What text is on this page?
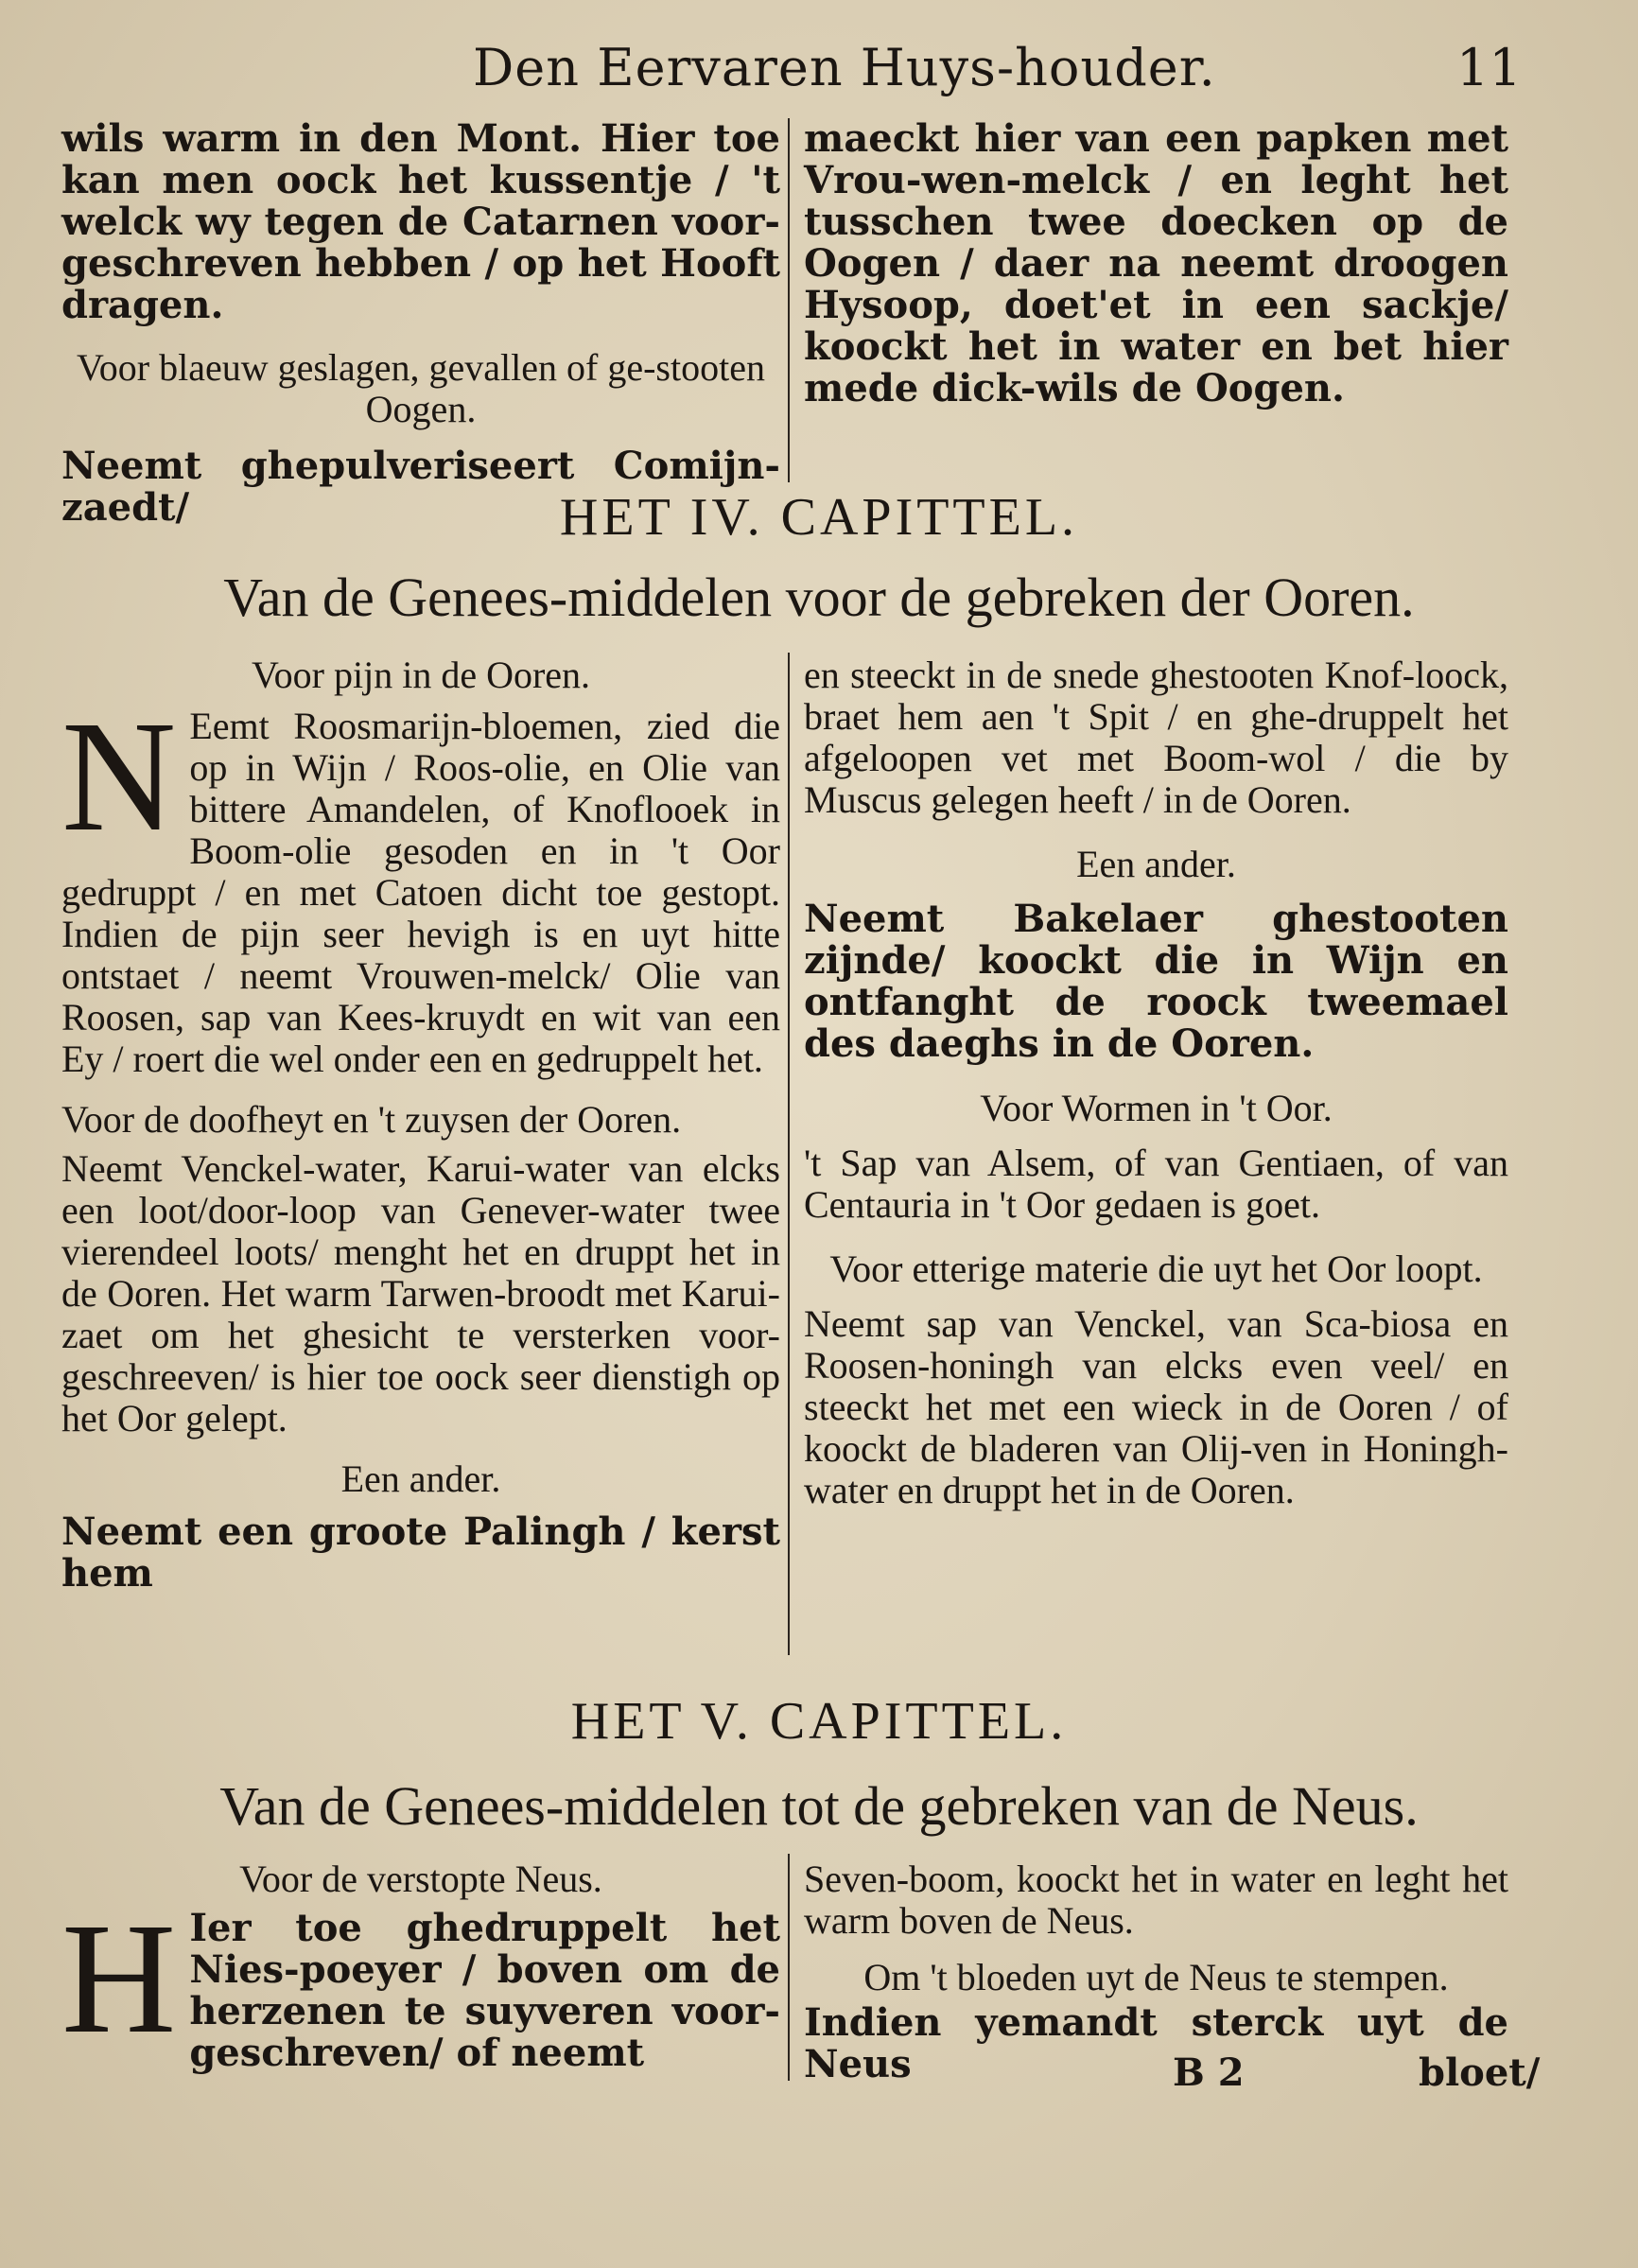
Den Eervaren Huys-houder.	11

wils warm in den Mont. Hier toe kan men oock het kussentje / 't welck wy tegen de Catarnen voor-geschreven hebben / op het Hooft dragen.

Voor blaeuw geslagen, gevallen of ge-stooten Oogen.

Neemt ghepulveriseert Comijn-zaedt/

maeckt hier van een papken met Vrou-wen-melck / en leght het tusschen twee doecken op de Oogen / daer na neemt droogen Hysoop, doet'et in een sackje/ koockt het in water en bet hier mede dick-wils de Oogen.

HET IV. CAPITTEL.
Van de Genees-middelen voor de gebreken der Ooren.

Voor pijn in de Ooren.

N Eemt Roosmarijn-bloemen, zied die op in Wijn / Roos-olie, en Olie van bittere Amandelen, of Knoflooek in Boom-olie gesoden en in 't Oor gedruppt / en met Catoen dicht toe gestopt. Indien de pijn seer hevigh is en uyt hitte ontstaet / neemt Vrouwen-melck/ Olie van Roosen, sap van Kees-kruydt en wit van een Ey / roert die wel onder een en gedruppelt het.

Voor de doofheyt en 't zuysen der Ooren.

Neemt Venckel-water, Karui-water van elcks een loot/door-loop van Genever-water twee vierendeel loots/ menght het en druppt het in de Ooren. Het warm Tarwen-broodt met Karui-zaet om het ghesicht te versterken voor-geschreeven/ is hier toe oock seer dienstigh op het Oor gelept.

Een ander.

Neemt een groote Palingh / kerst hem

en steeckt in de snede ghestooten Knof-loock, braet hem aen 't Spit / en ghe-druppelt het afgeloopen vet met Boom-wol / die by Muscus gelegen heeft / in de Ooren.

Een ander.

Neemt Bakelaer ghestooten zijnde/ koockt die in Wijn en ontfanght de roock tweemael des daeghs in de Ooren.

Voor Wormen in 't Oor.

't Sap van Alsem, of van Gentiaen, of van Centauria in 't Oor gedaen is goet.

Voor etterige materie die uyt het Oor loopt.

Neemt sap van Venckel, van Sca-biosa en Roosen-honingh van elcks even veel/ en steeckt het met een wieck in de Ooren / of koockt de bladeren van Olij-ven in Honingh-water en druppt het in de Ooren.

HET V. CAPITTEL.
Van de Genees-middelen tot de gebreken van de Neus.

Voor de verstopte Neus.

H Ier toe ghedruppelt het Nies-poeyer / boven om de herzenen te suyveren voor-geschreven/ of neemt

Seven-boom, koockt het in water en leght het warm boven de Neus.

Om 't bloeden uyt de Neus te stempen.

Indien yemandt sterck uyt de Neus	B 2	bloet/
